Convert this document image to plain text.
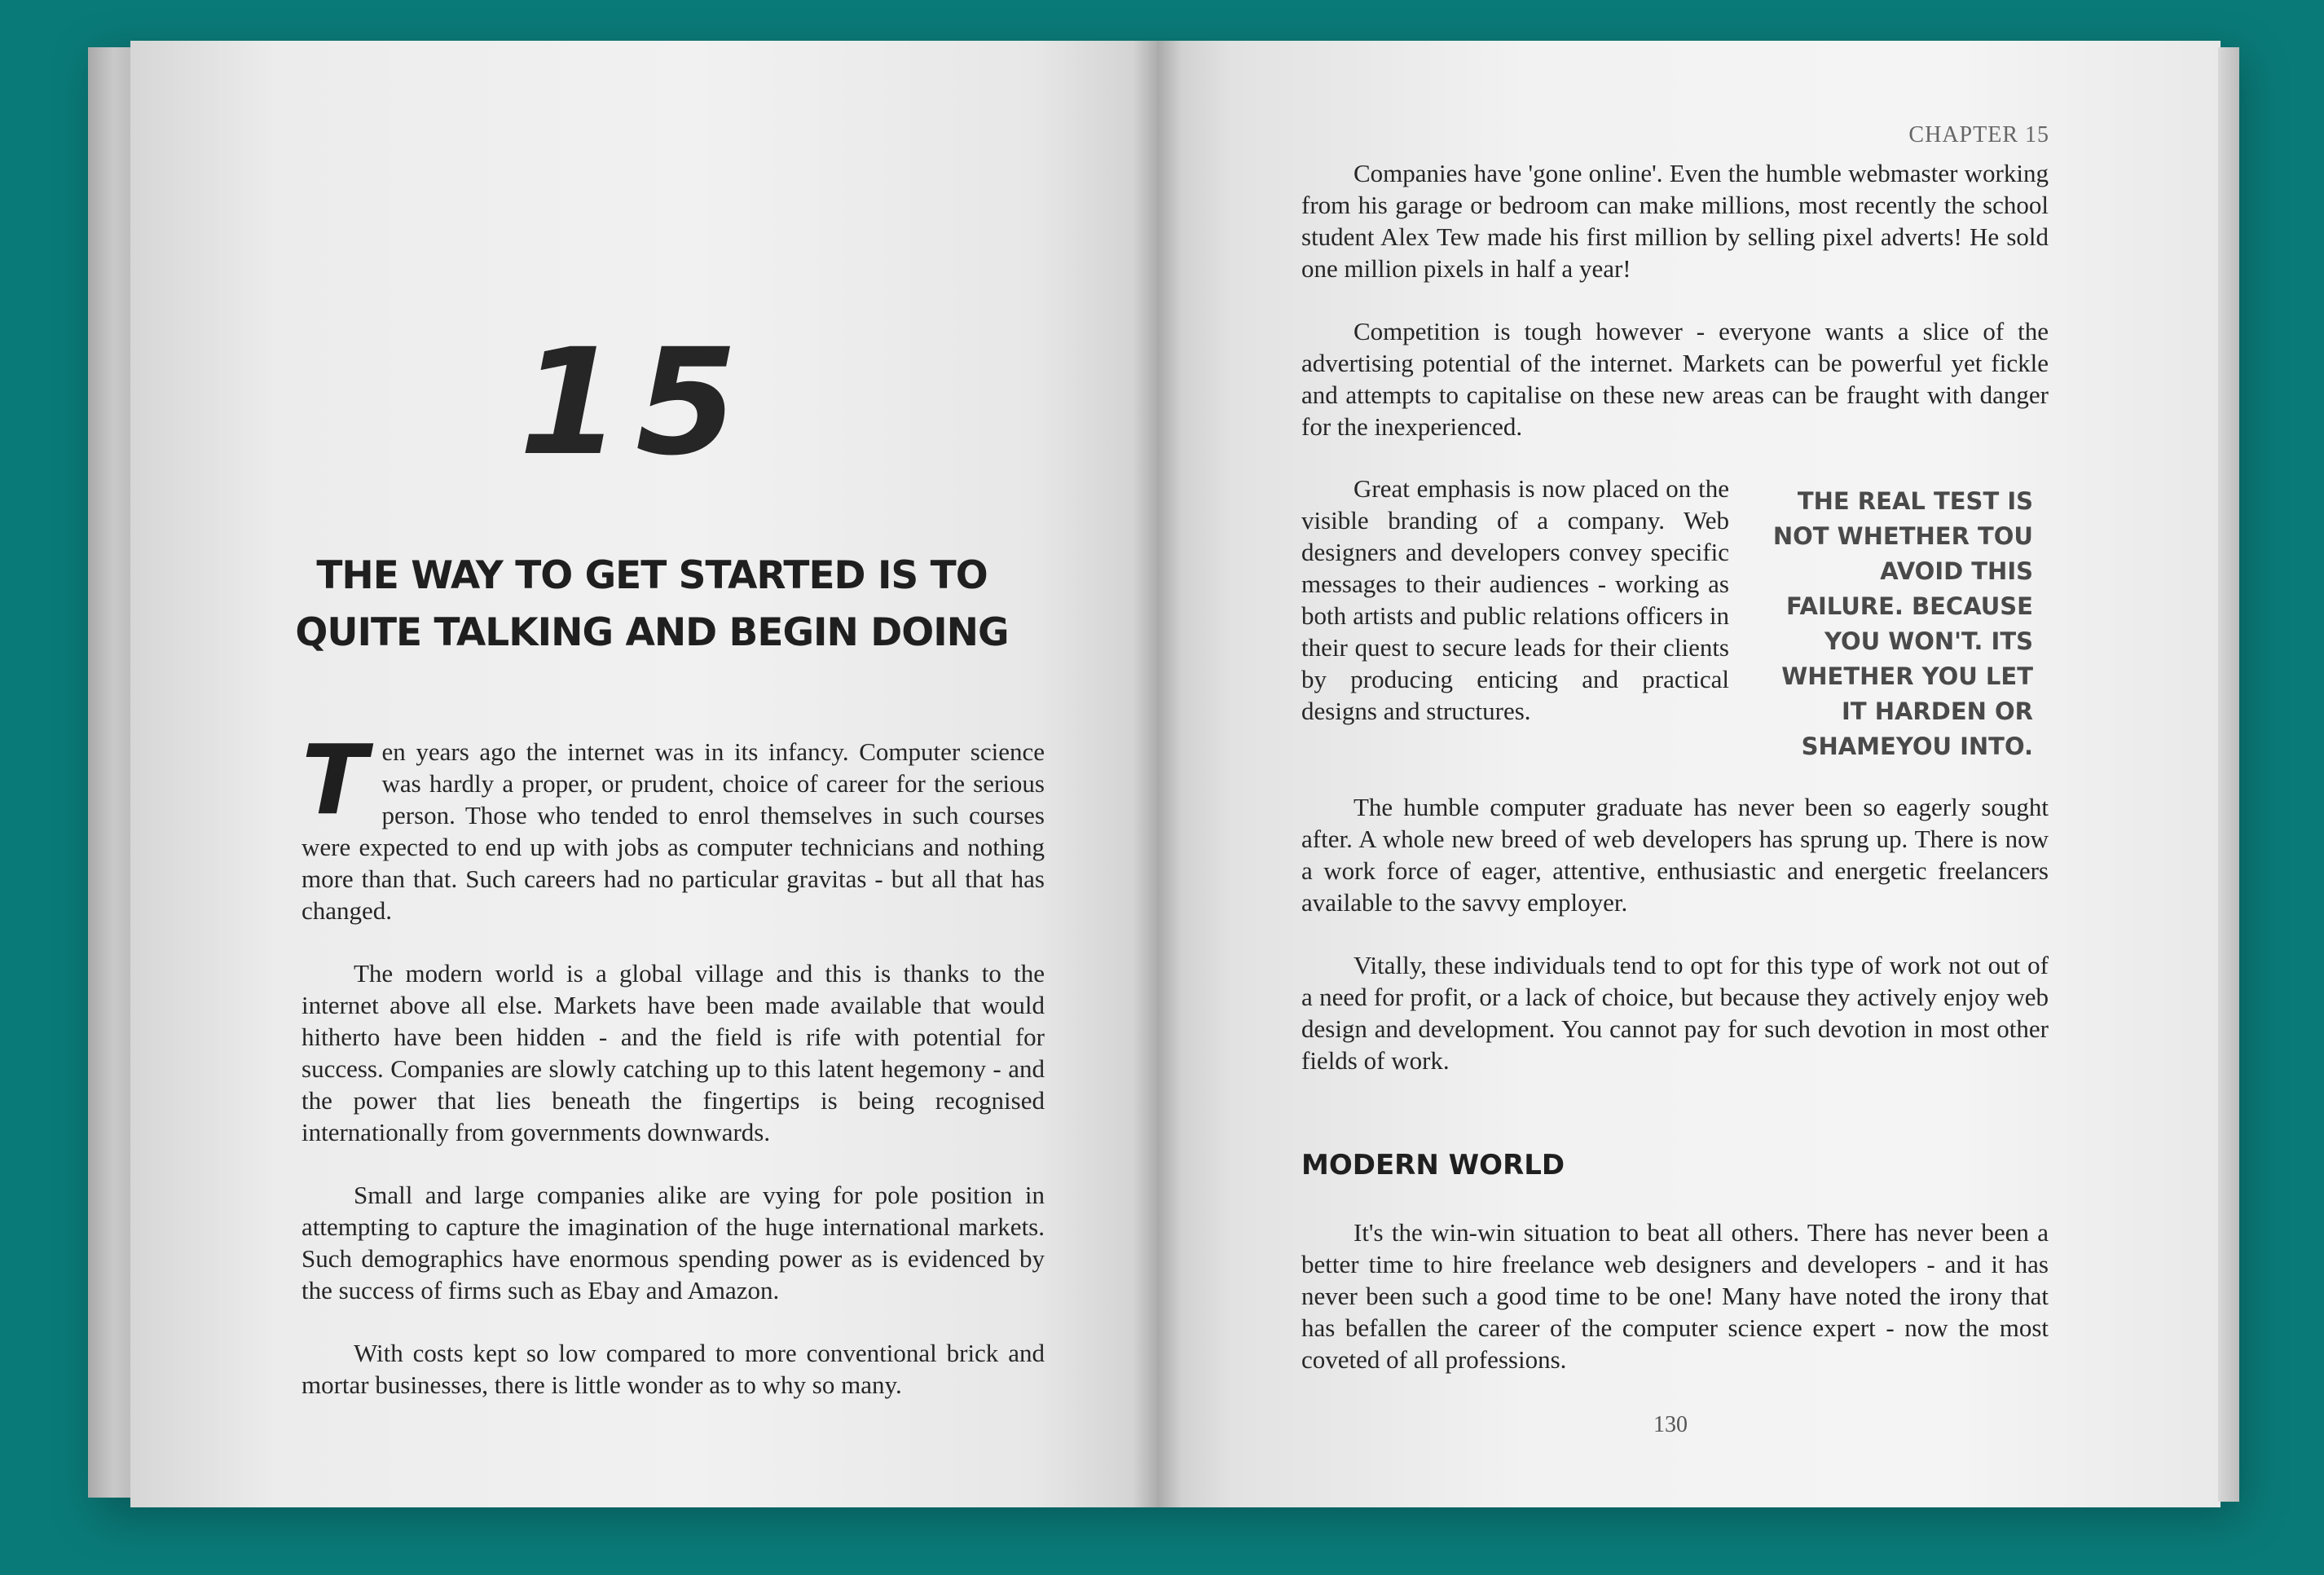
15
THE WAY TO GET STARTED IS TO QUITE TALKING AND BEGIN DOING

Ten years ago the internet was in its infancy. Computer science was hardly a proper, or prudent, choice of career for the serious person. Those who tended to enrol themselves in such courses were expected to end up with jobs as computer technicians and nothing more than that. Such careers had no particular gravitas - but all that has changed.

The modern world is a global village and this is thanks to the internet above all else. Markets have been made available that would hitherto have been hidden - and the field is rife with potential for success. Companies are slowly catching up to this latent hegemony - and the power that lies beneath the fingertips is being recognised internationally from governments downwards.

Small and large companies alike are vying for pole position in attempting to capture the imagination of the huge international markets. Such demographics have enormous spending power as is evidenced by the success of firms such as Ebay and Amazon.

With costs kept so low compared to more conventional brick and mortar businesses, there is little wonder as to why so many.

CHAPTER 15

Companies have 'gone online'. Even the humble webmaster working from his garage or bedroom can make millions, most recently the school student Alex Tew made his first million by selling pixel adverts! He sold one million pixels in half a year!

Competition is tough however - everyone wants a slice of the advertising potential of the internet. Markets can be powerful yet fickle and attempts to capitalise on these new areas can be fraught with danger for the inexperienced.

Great emphasis is now placed on the visible branding of a company. Web designers and developers convey specific messages to their audiences - working as both artists and public relations officers in their quest to secure leads for their clients by producing enticing and practical designs and structures.

THE REAL TEST IS NOT WHETHER TOU AVOID THIS FAILURE. BECAUSE YOU WON'T. ITS WHETHER YOU LET IT HARDEN OR SHAMEYOU INTO.

The humble computer graduate has never been so eagerly sought after. A whole new breed of web developers has sprung up. There is now a work force of eager, attentive, enthusiastic and energetic freelancers available to the savvy employer.

Vitally, these individuals tend to opt for this type of work not out of a need for profit, or a lack of choice, but because they actively enjoy web design and development. You cannot pay for such devotion in most other fields of work.

MODERN WORLD

It's the win-win situation to beat all others. There has never been a better time to hire freelance web designers and developers - and it has never been such a good time to be one! Many have noted the irony that has befallen the career of the computer science expert - now the most coveted of all professions.

130
